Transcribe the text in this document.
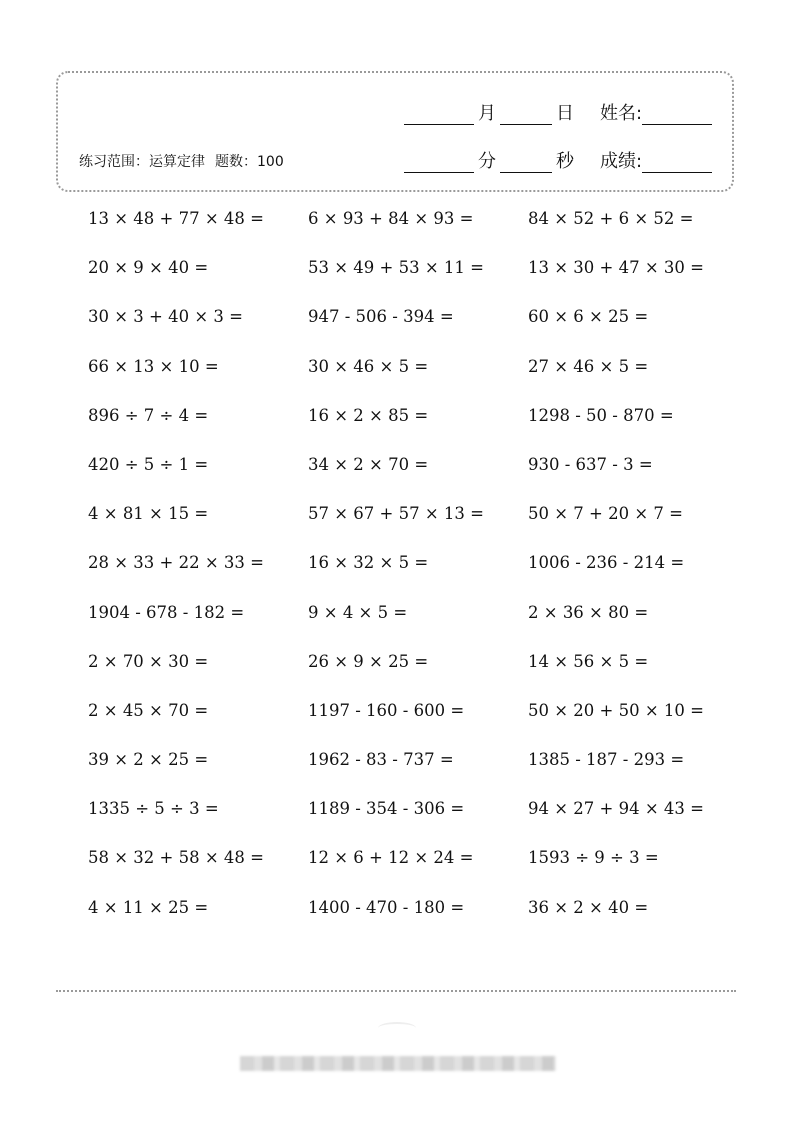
月	日 姓名:
分	秒 成绩:
练习范围：运算定律 题数：100
13 × 48 + 77 × 48 =	6 × 93 + 84 × 93 =	84 × 52 + 6 × 52 =
20 × 9 × 40 =	53 × 49 + 53 × 11 =	13 × 30 + 47 × 30 =
30 × 3 + 40 × 3 =	947 - 506 - 394 =	60 × 6 × 25 =
66 × 13 × 10 =	30 × 46 × 5 =	27 × 46 × 5 =
896 ÷ 7 ÷ 4 =	16 × 2 × 85 =	1298 - 50 - 870 =
420 ÷ 5 ÷ 1 =	34 × 2 × 70 =	930 - 637 - 3 =
4 × 81 × 15 =	57 × 67 + 57 × 13 =	50 × 7 + 20 × 7 =
28 × 33 + 22 × 33 =	16 × 32 × 5 =	1006 - 236 - 214 =
1904 - 678 - 182 =	9 × 4 × 5 =	2 × 36 × 80 =
2 × 70 × 30 =	26 × 9 × 25 =	14 × 56 × 5 =
2 × 45 × 70 =	1197 - 160 - 600 =	50 × 20 + 50 × 10 =
39 × 2 × 25 =	1962 - 83 - 737 =	1385 - 187 - 293 =
1335 ÷ 5 ÷ 3 =	1189 - 354 - 306 =	94 × 27 + 94 × 43 =
58 × 32 + 58 × 48 =	12 × 6 + 12 × 24 =	1593 ÷ 9 ÷ 3 =
4 × 11 × 25 =	1400 - 470 - 180 =	36 × 2 × 40 =
